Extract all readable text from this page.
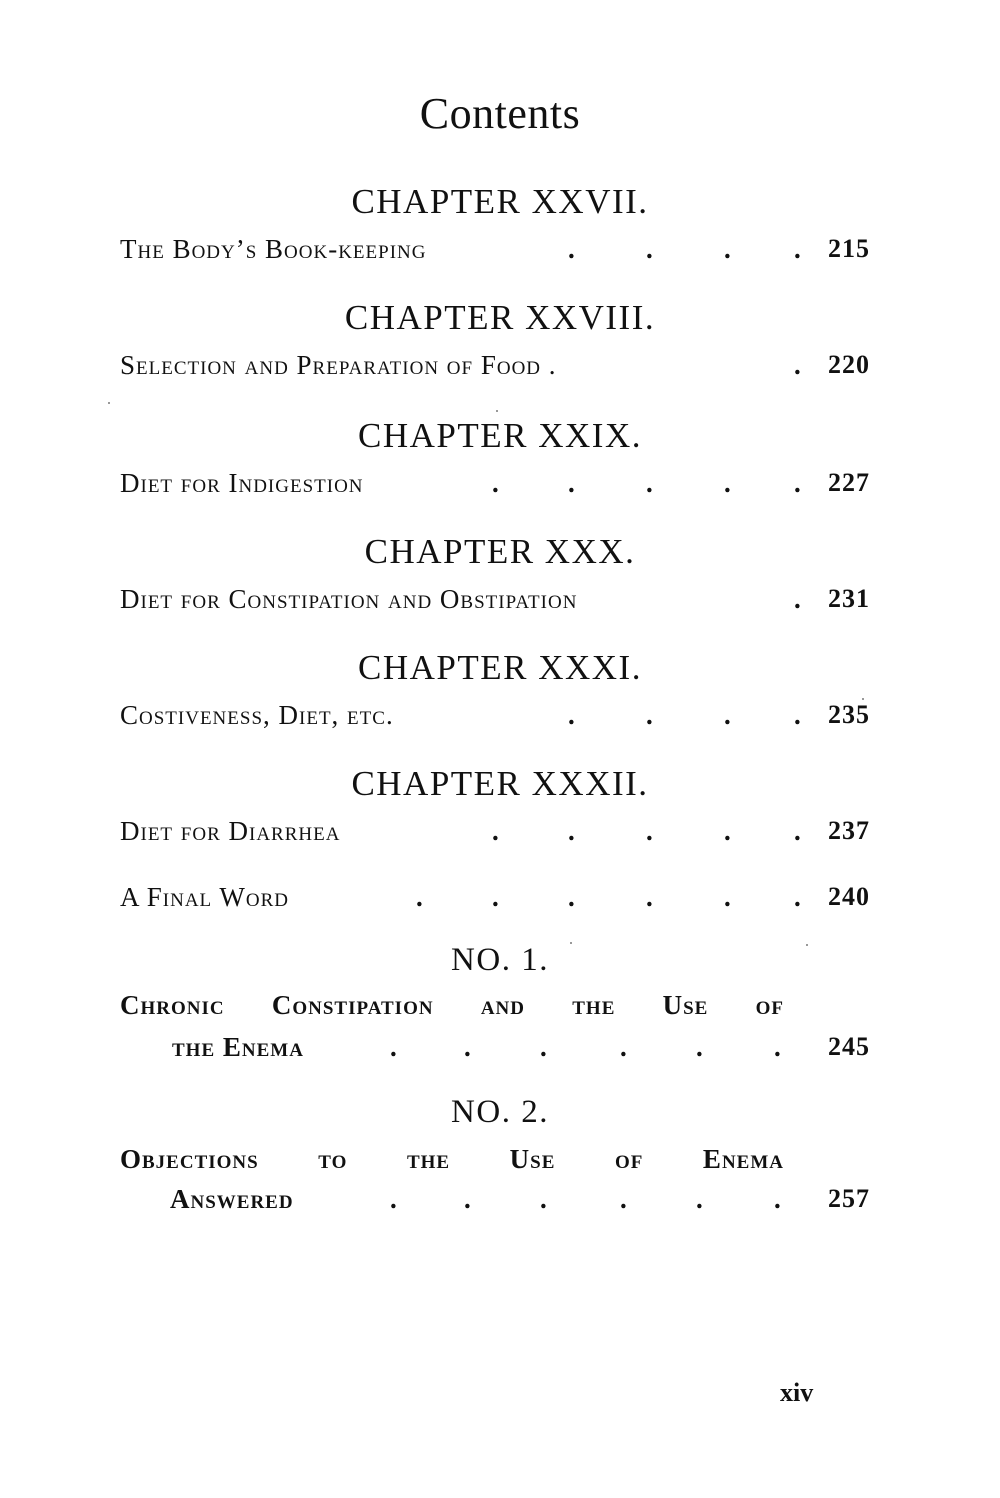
Contents
CHAPTER XXVII.
The Body’s Book-keeping	.	.	. . 215
CHAPTER XXVIII.
Selection and Preparation of Food .	. 220
CHAPTER XXIX.
Diet for Indigestion	.	.	.	. . 227
CHAPTER XXX.
Diet for Constipation and Obstipation	. 231
CHAPTER XXXI.
Costiveness, Diet, etc.	.	.	. . 235
CHAPTER XXXII.
Diet for Diarrhea	.	.	.	. . 237
A Final Word	.	.	.	.	. . 240
NO. 1.
Chronic Constipation and the Use of
the Enema	. .	.	.	.	. 245
NO. 2.
Objections to the Use of Enema
Answered	. .	.	.	.	. 257
xiv
